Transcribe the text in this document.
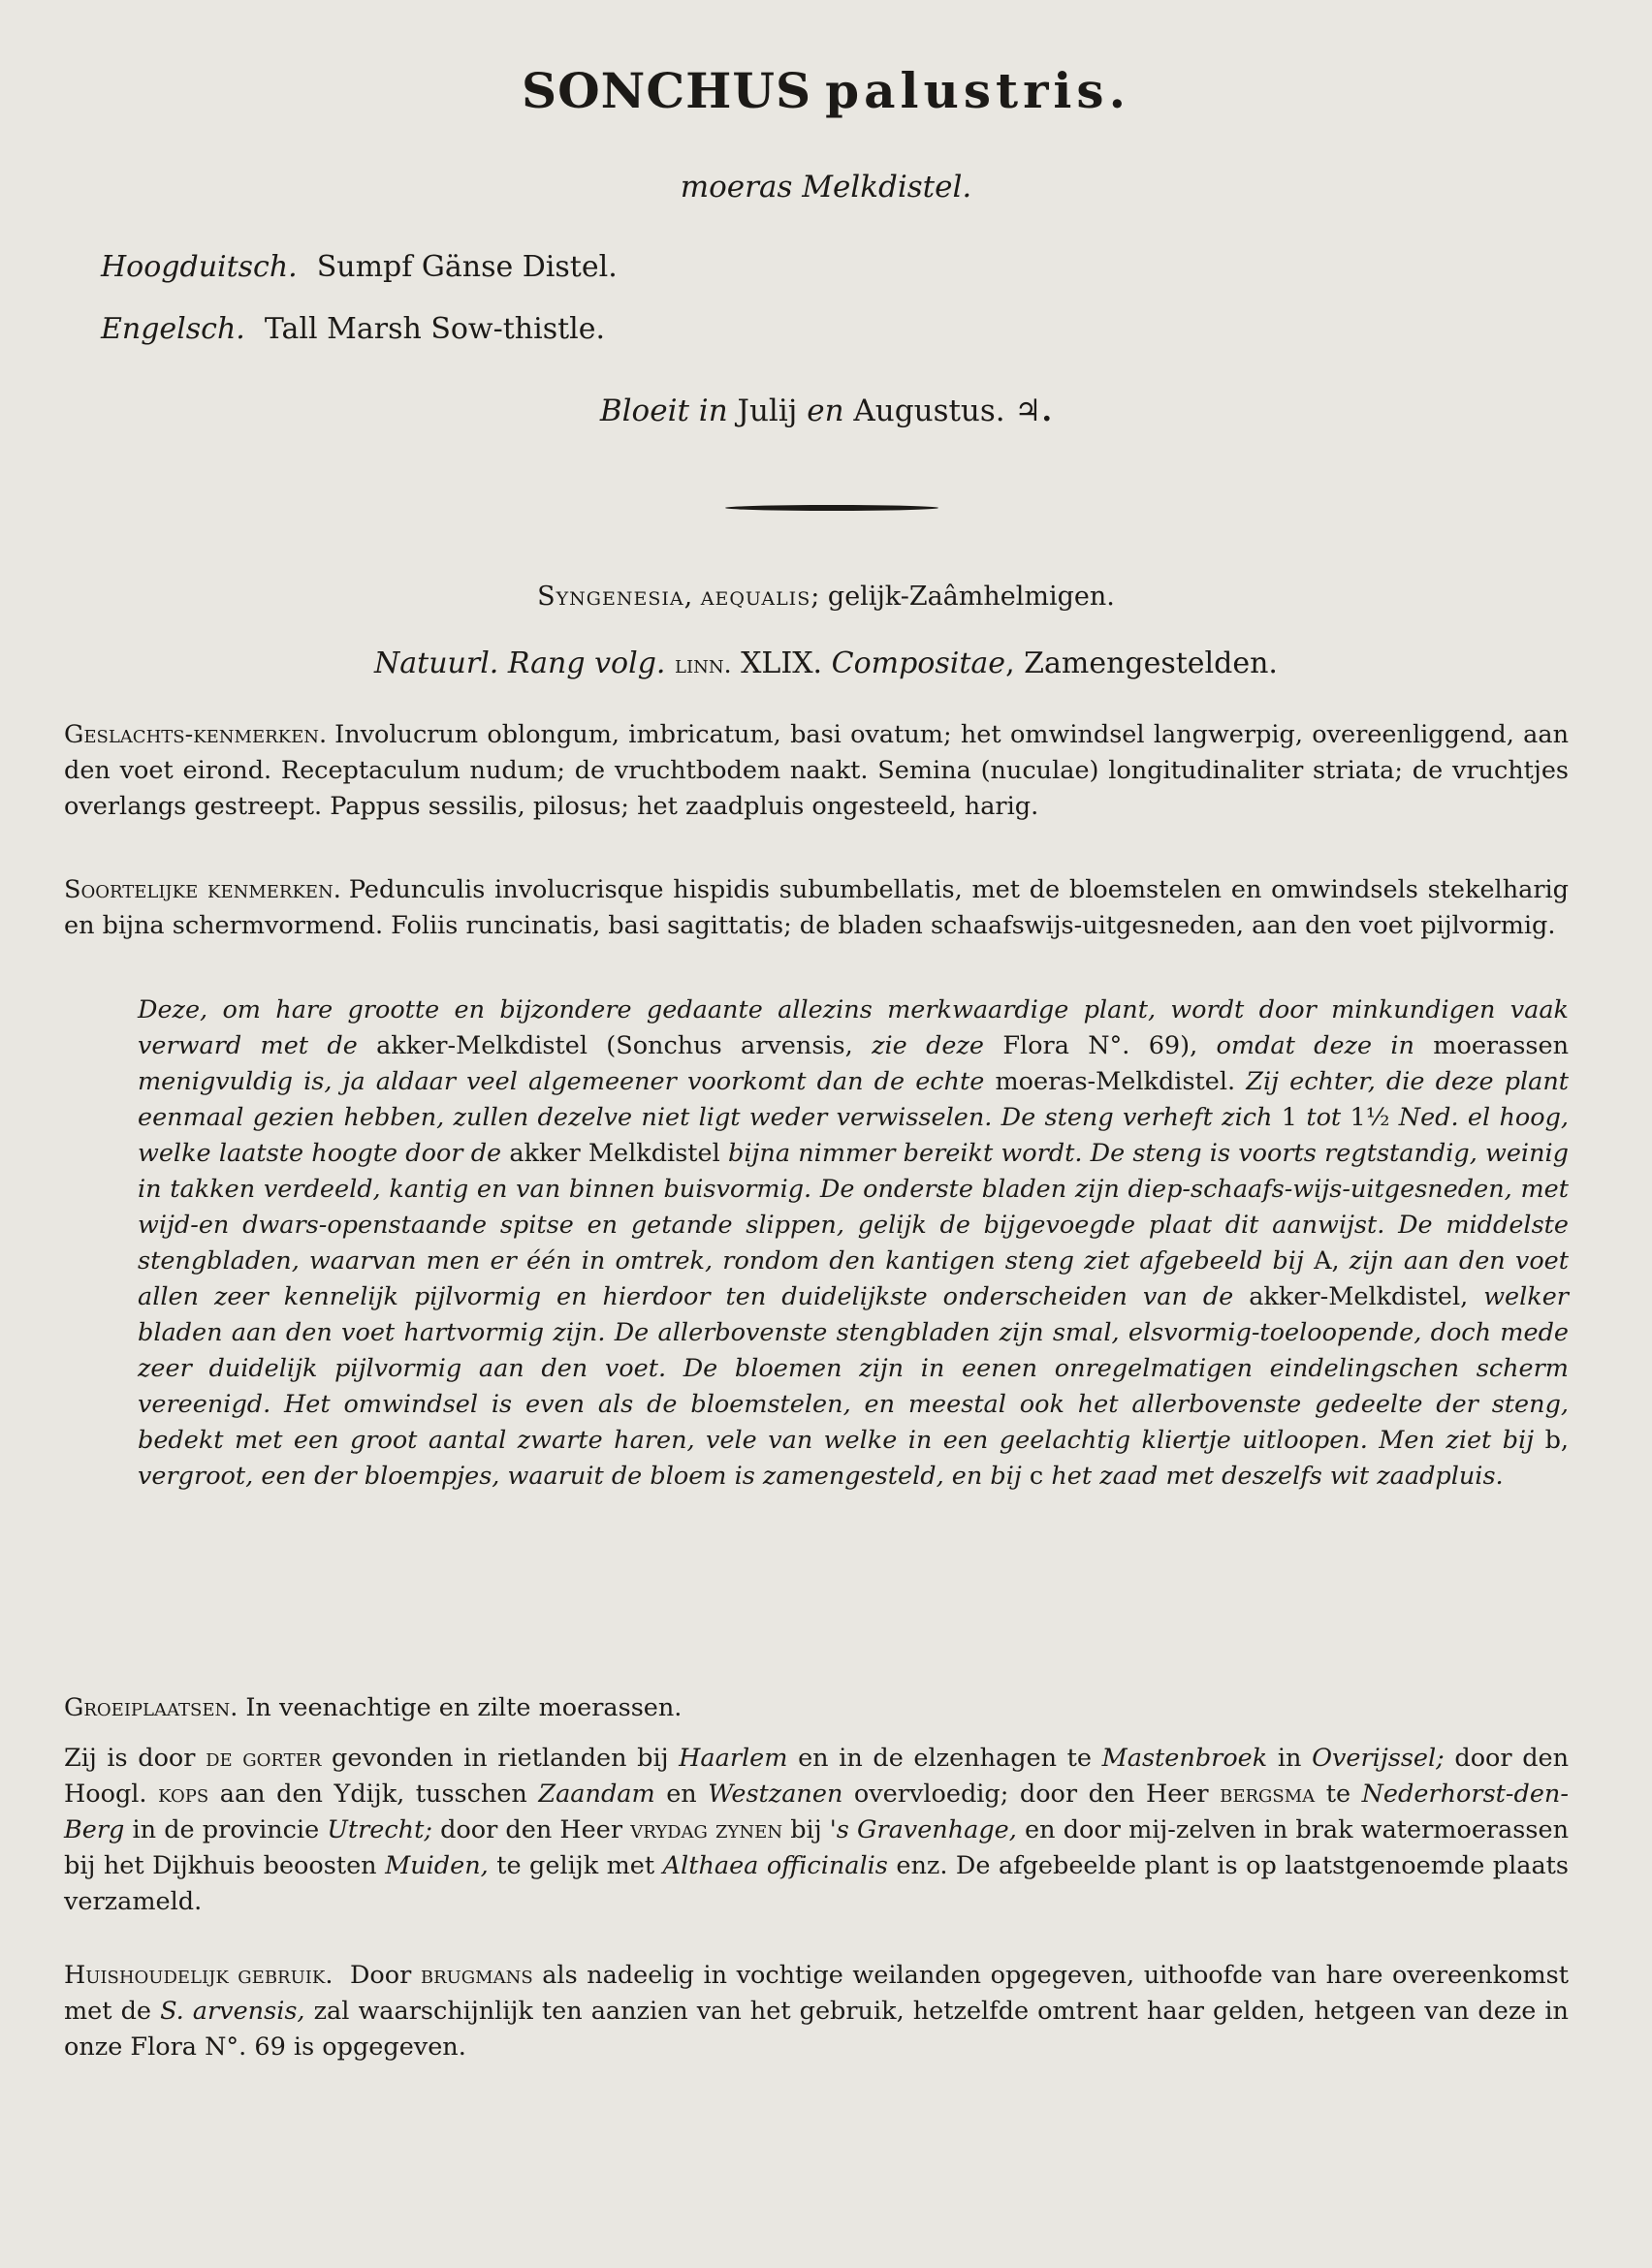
SONCHUS palustris.
moeras Melkdistel.
Hoogduitsch. Sumpf Gänse Distel.
Engelsch. Tall Marsh Sow-thistle.
Bloeit in Julij en Augustus. ♃.
Syngenesia, aequalis; gelijk-Zaâmhelmigen.
Natuurl. Rang volg. linn. XLIX. Compositae, Zamengestelden.
Geslachts-kenmerken. Involucrum oblongum, imbricatum, basi ovatum; het omwindsel langwerpig, overeenliggend, aan den voet eirond. Receptaculum nudum; de vruchtbodem naakt. Semina (nuculae) longitudinaliter striata; de vruchtjes overlangs gestreept. Pappus sessilis, pilosus; het zaadpluis ongesteeld, harig.
Soortelijke kenmerken. Pedunculis involucrisque hispidis subumbellatis, met de bloemstelen en omwindsels stekelharig en bijna schermvormend. Foliis runcinatis, basi sagittatis; de bladen schaafswijs-uitgesneden, aan den voet pijlvormig.
Deze, om hare grootte en bijzondere gedaante allezins merkwaardige plant, wordt door minkundigen vaak verward met de akker-Melkdistel (Sonchus arvensis, zie deze Flora N°. 69), omdat deze in moerassen menigvuldig is, ja aldaar veel algemeener voorkomt dan de echte moeras-Melkdistel. Zij echter, die deze plant eenmaal gezien hebben, zullen dezelve niet ligt weder verwisselen. De steng verheft zich 1 tot 1½ Ned. el hoog, welke laatste hoogte door de akker Melkdistel bijna nimmer bereikt wordt. De steng is voorts regtstandig, weinig in takken verdeeld, kantig en van binnen buisvormig. De onderste bladen zijn diep-schaafs-wijs-uitgesneden, met wijd-en dwars-openstaande spitse en getande slippen, gelijk de bijgevoegde plaat dit aanwijst. De middelste stengbladen, waarvan men er één in omtrek, rondom den kantigen steng ziet afgebeeld bij A, zijn aan den voet allen zeer kennelijk pijlvormig en hierdoor ten duidelijkste onderscheiden van de akker-Melkdistel, welker bladen aan den voet hartvormig zijn. De allerbovenste stengbladen zijn smal, elsvormig-toeloopende, doch mede zeer duidelijk pijlvormig aan den voet. De bloemen zijn in eenen onregelmatigen eindelingschen scherm vereenigd. Het omwindsel is even als de bloemstelen, en meestal ook het allerbovenste gedeelte der steng, bedekt met een groot aantal zwarte haren, vele van welke in een geelachtig kliertje uitloopen. Men ziet bij b, vergroot, een der bloempjes, waaruit de bloem is zamengesteld, en bij c het zaad met deszelfs wit zaadpluis.
Groeiplaatsen. In veenachtige en zilte moerassen.
Zij is door de gorter gevonden in rietlanden bij Haarlem en in de elzenhagen te Mastenbroek in Overijssel; door den Hoogl. kops aan den Ydijk, tusschen Zaandam en Westzanen overvloedig; door den Heer bergsma te Nederhorst-den-Berg in de provincie Utrecht; door den Heer vrydag zynen bij 's Gravenhage, en door mij-zelven in brak watermoerassen bij het Dijkhuis beoosten Muiden, te gelijk met Althaea officinalis enz. De afgebeelde plant is op laatstgenoemde plaats verzameld.
Huishoudelijk gebruik. Door brugmans als nadeelig in vochtige weilanden opgegeven, uithoofde van hare overeenkomst met de S. arvensis, zal waarschijnlijk ten aanzien van het gebruik, hetzelfde omtrent haar gelden, hetgeen van deze in onze Flora N°. 69 is opgegeven.
